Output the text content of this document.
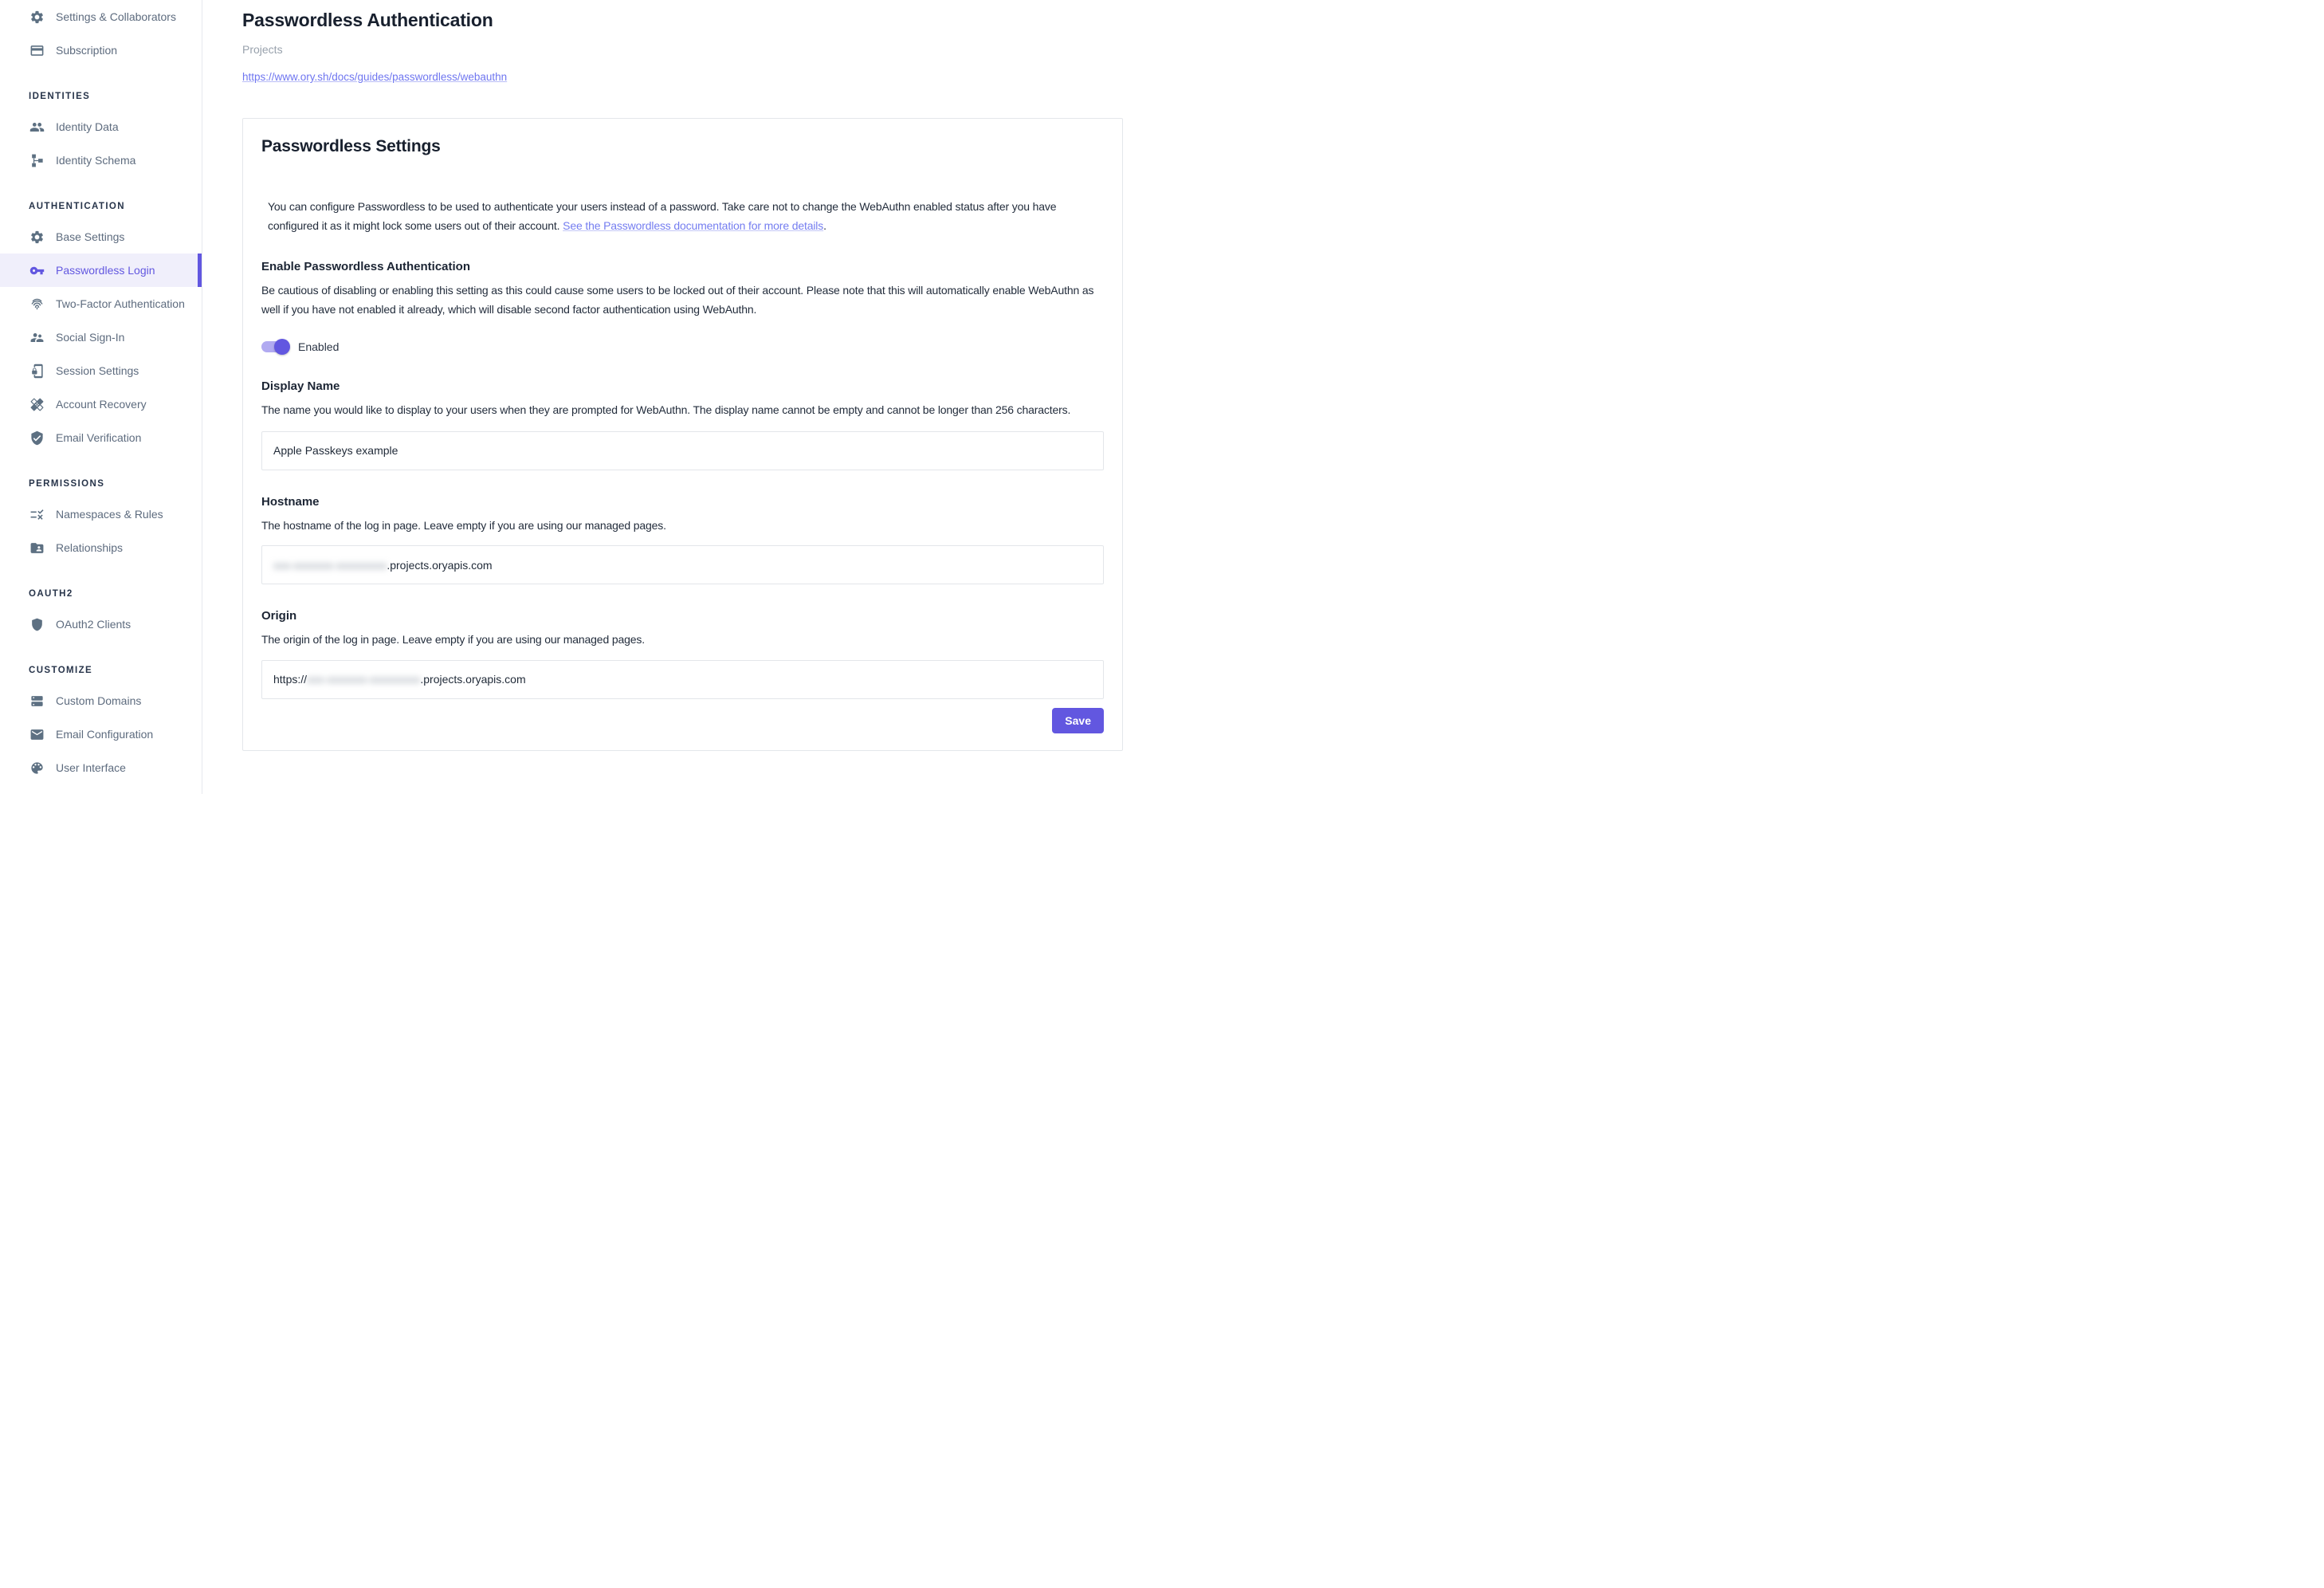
Settings & Collaborators
Subscription
IDENTITIES
Identity Data
Identity Schema
AUTHENTICATION
Base Settings
Passwordless Login
Two-Factor Authentication
Social Sign-In
Session Settings
Account Recovery
Email Verification
PERMISSIONS
Namespaces & Rules
Relationships
OAUTH2
OAuth2 Clients
CUSTOMIZE
Custom Domains
Email Configuration
User Interface
Passwordless Authentication
Projects
https://www.ory.sh/docs/guides/passwordless/webauthn
Passwordless Settings
You can configure Passwordless to be used to authenticate your users instead of a password. Take care not to change the WebAuthn enabled status after you have configured it as it might lock some users out of their account. See the Passwordless documentation for more details.
Enable Passwordless Authentication
Be cautious of disabling or enabling this setting as this could cause some users to be locked out of their account. Please note that this will automatically enable WebAuthn as well if you have not enabled it already, which will disable second factor authentication using WebAuthn.
Enabled
Display Name
The name you would like to display to your users when they are prompted for WebAuthn. The display name cannot be empty and cannot be longer than 256 characters.
Apple Passkeys example
Hostname
The hostname of the log in page. Leave empty if you are using our managed pages.
xxx-xxxxxxx-xxxxxxxxx .projects.oryapis.com
Origin
The origin of the log in page. Leave empty if you are using our managed pages.
https:// xxx-xxxxxxx-xxxxxxxxx .projects.oryapis.com
Save
